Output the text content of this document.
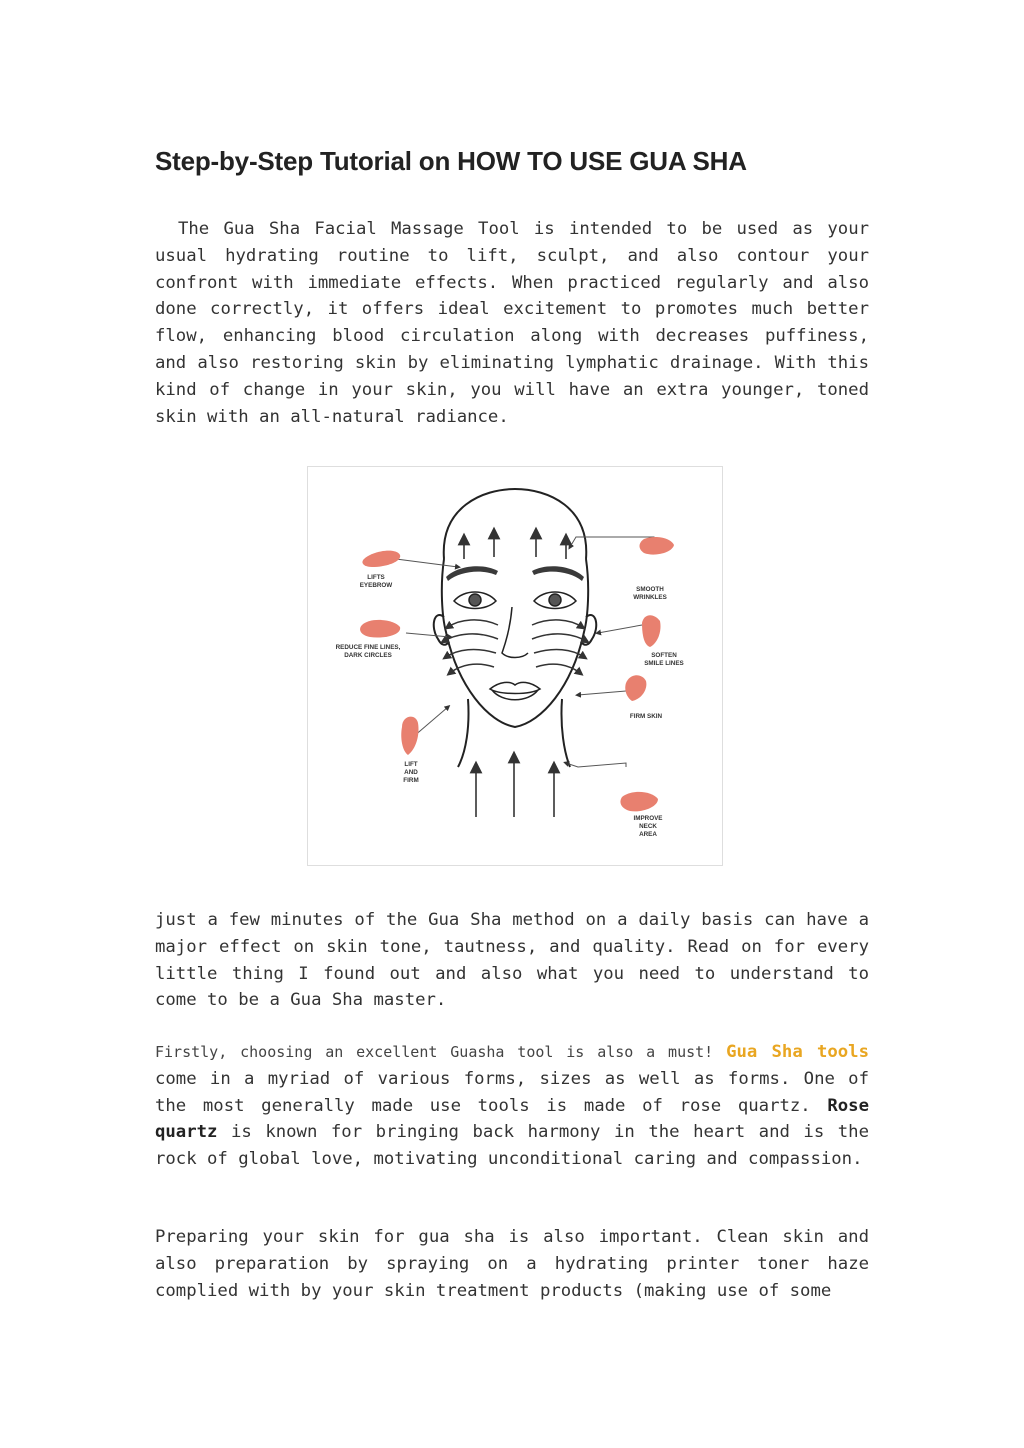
Step-by-Step Tutorial on HOW TO USE GUA SHA

The Gua Sha Facial Massage Tool is intended to be used as your usual hydrating routine to lift, sculpt, and also contour your confront with immediate effects. When practiced regularly and also done correctly, it offers ideal excitement to promotes much better flow, enhancing blood circulation along with decreases puffiness, and also restoring skin by eliminating lymphatic drainage. With this kind of change in your skin, you will have an extra younger, toned skin with an all-natural radiance.

LIFTS EYEBROW
SMOOTH WRINKLES
REDUCE FINE LINES, DARK CIRCLES	SOFTEN SMILE LINES
FIRM SKIN
LIFT AND FIRM
IMPROVE NECK AREA

just a few minutes of the Gua Sha method on a daily basis can have a major effect on skin tone, tautness, and quality. Read on for every little thing I found out and also what you need to understand to come to be a Gua Sha master.

Firstly, choosing an excellent Guasha tool is also a must! Gua Sha tools come in a myriad of various forms, sizes as well as forms. One of the most generally made use tools is made of rose quartz. Rose quartz is known for bringing back harmony in the heart and is the rock of global love, motivating unconditional caring and compassion.

Preparing your skin for gua sha is also important. Clean skin and also preparation by spraying on a hydrating printer toner haze complied with by your skin treatment products (making use of some
